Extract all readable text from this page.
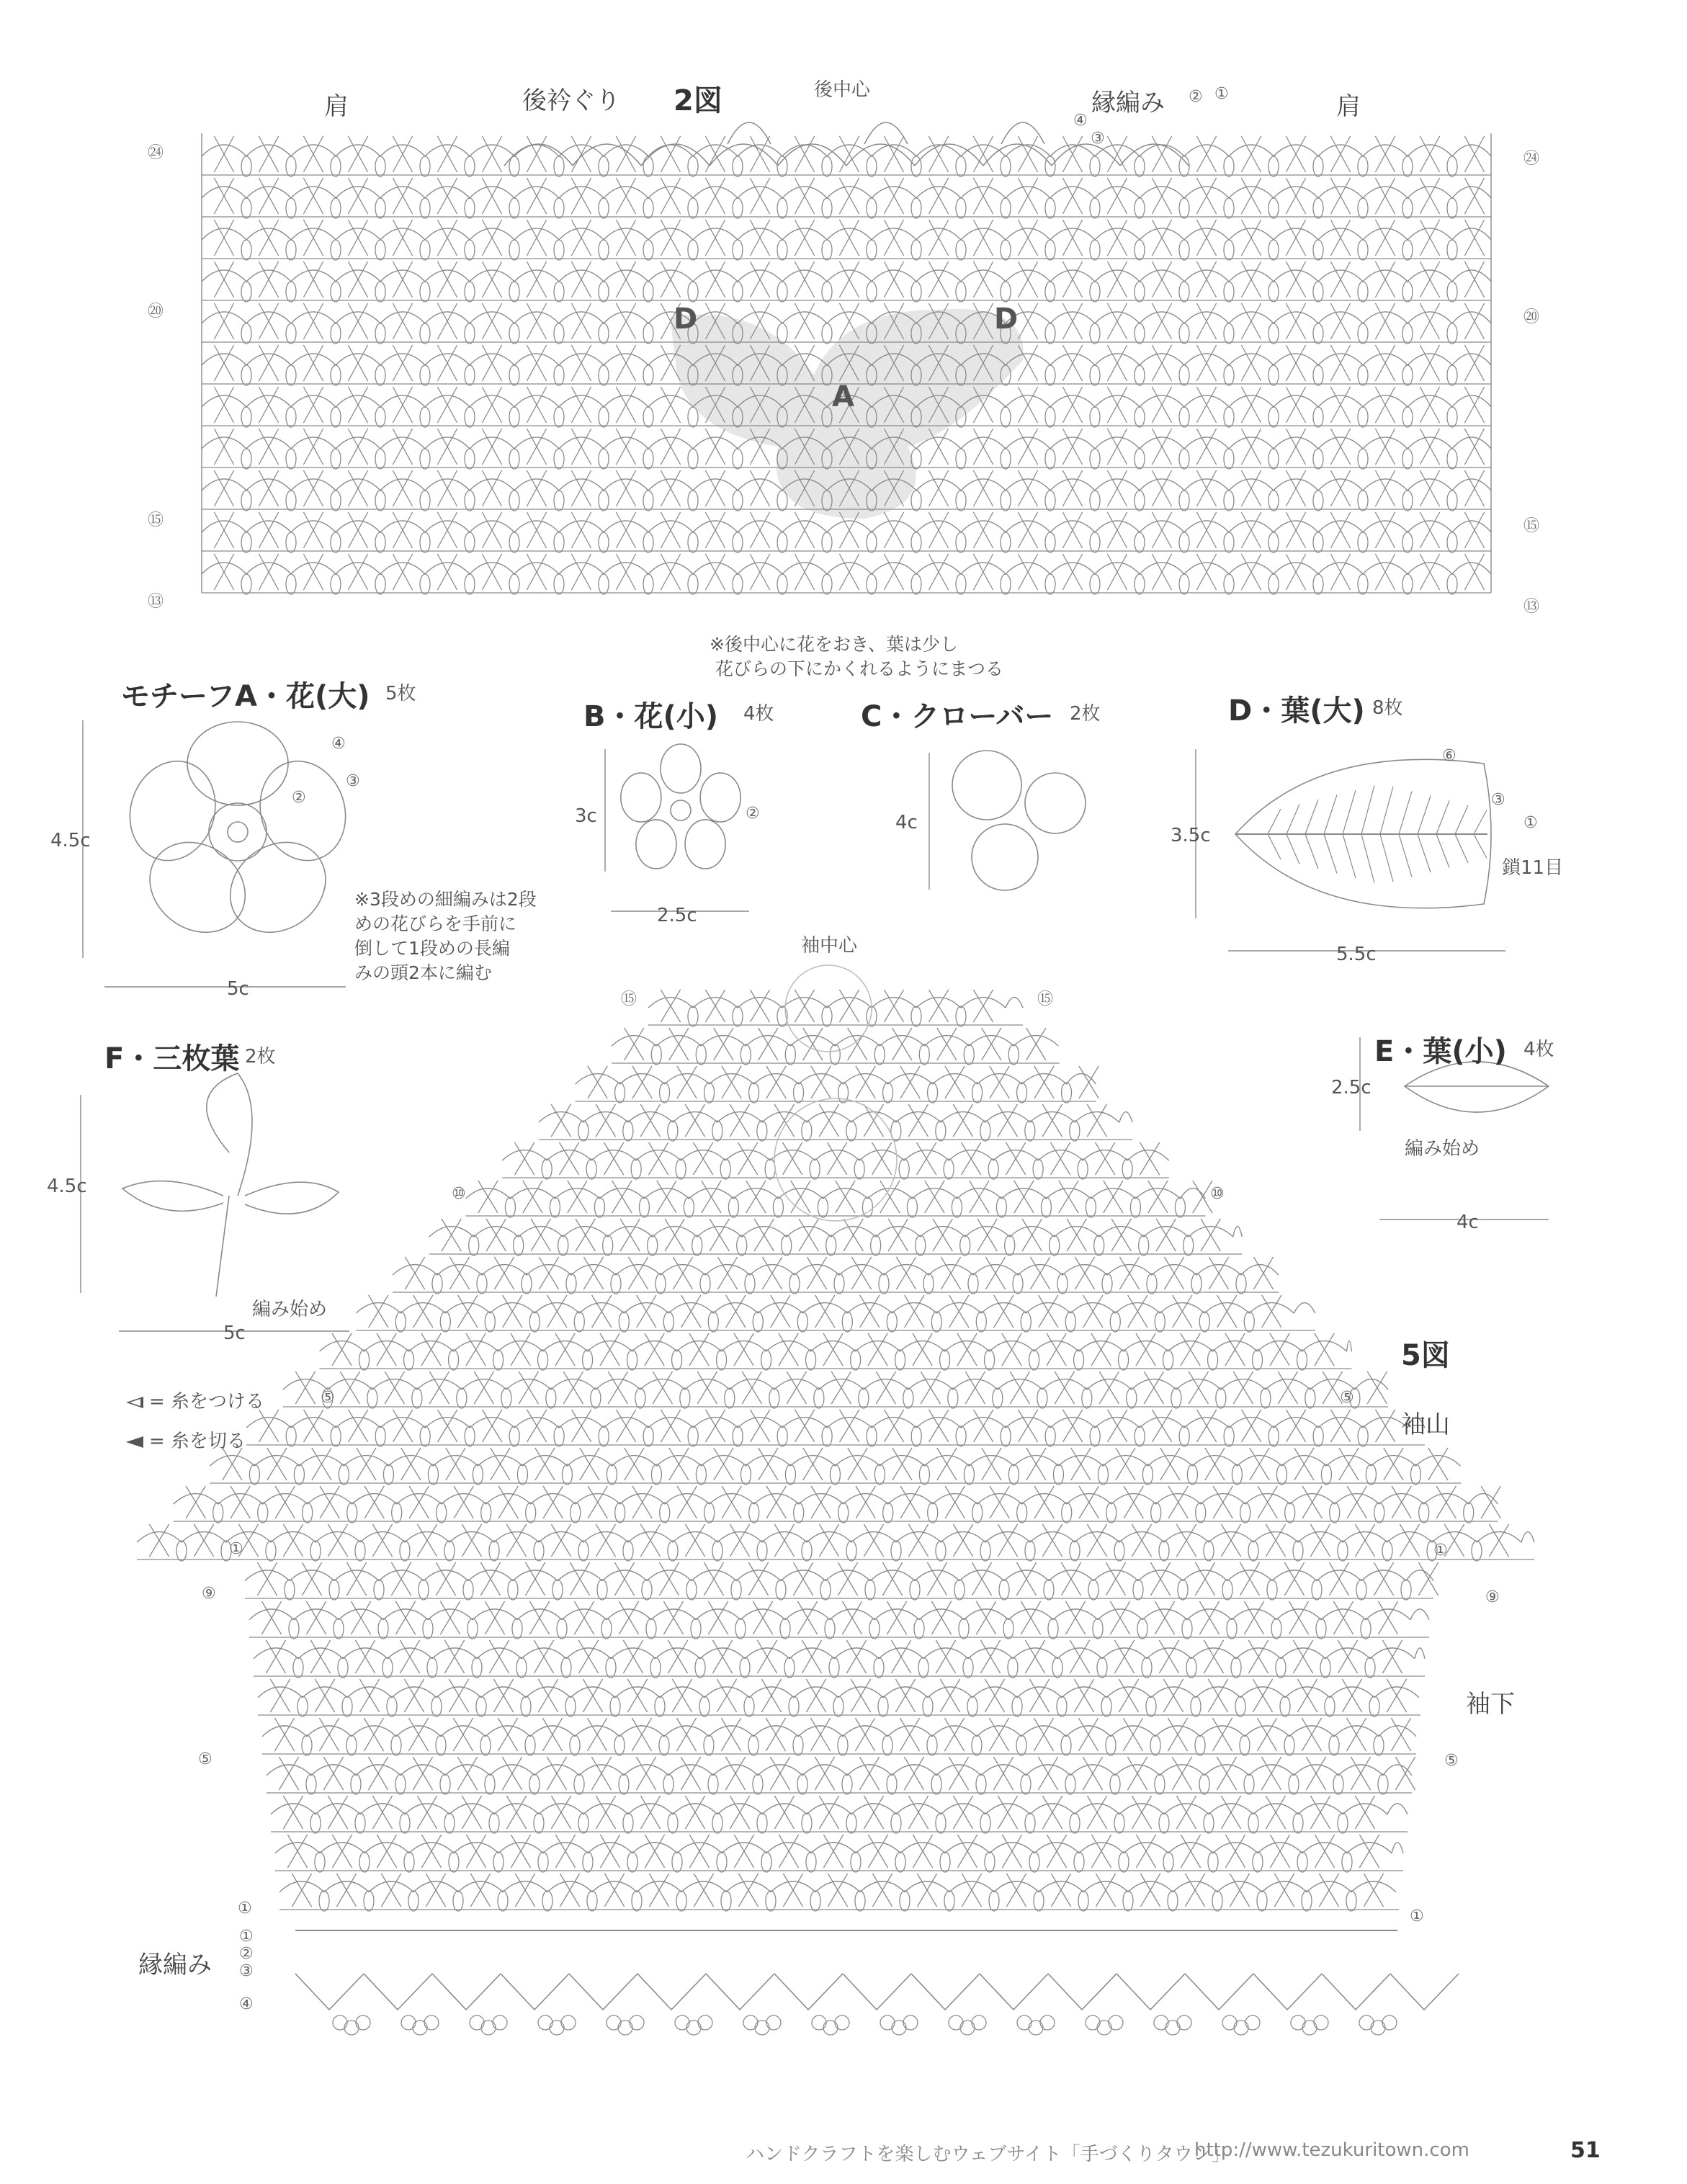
肩	肩
後衿ぐり 2図	後中心	縁編み ② ①
④
③
D	D
A
㉔	㉔
⑳	⑳
⑮	⑮
⑬	⑬
※後中心に花をおき、葉は少し
花びらの下にかくれるようにまつる
モチーフA・花(大) 5枚
4.5c
5c
※3段めの細編みは2段
めの花びらを手前に
倒して1段めの長編
みの頭2本に編む
④
③
②
B・花(小) 4枚
3c
2.5c
②
C・クローバー 2枚
4c
D・葉(大) 8枚
3.5c
5.5c
鎖11目
⑥
③
①
E・葉(小) 4枚
2.5c
編み始め
4c
F・三枚葉 2枚
4.5c
編み始め
5c
= 糸をつける
= 糸を切る
袖中心
5図
袖山
袖下
縁編み
⑮	⑮
⑩	⑩
⑤	⑤
①	①
⑨	⑨
⑤	⑤
①	①
①
②
③
④
ハンドクラフトを楽しむウェブサイト「手づくりタウン」
http://www.tezukuritown.com	51
